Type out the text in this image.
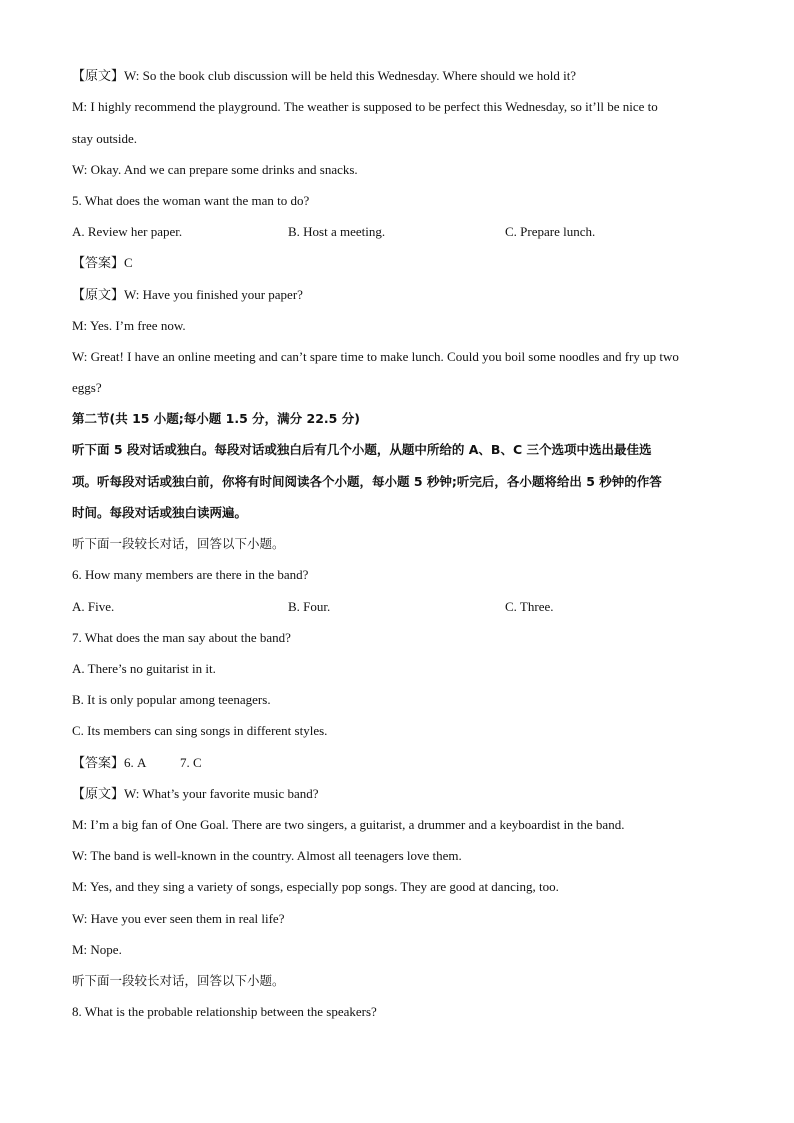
【原文】W: So the book club discussion will be held this Wednesday. Where should we hold it?
M: I highly recommend the playground. The weather is supposed to be perfect this Wednesday, so it’ll be nice to
stay outside.
W: Okay. And we can prepare some drinks and snacks.
5. What does the woman want the man to do?
A. Review her paper.	B. Host a meeting.	C. Prepare lunch.
【答案】C
【原文】W: Have you finished your paper?
M: Yes. I’m free now.
W: Great! I have an online meeting and can’t spare time to make lunch. Could you boil some noodles and fry up two
eggs?
第二节(共 15 小题;每小题 1.5 分，满分 22.5 分)
听下面 5 段对话或独白。每段对话或独白后有几个小题，从题中所给的 A、B、C 三个选项中选出最佳选
项。听每段对话或独白前，你将有时间阅读各个小题，每小题 5 秒钟;听完后，各小题将给出 5 秒钟的作答
时间。每段对话或独白读两遍。
听下面一段较长对话，回答以下小题。
6. How many members are there in the band?
A. Five.	B. Four.	C. Three.
7. What does the man say about the band?
A. There’s no guitarist in it.
B. It is only popular among teenagers.
C. Its members can sing songs in different styles.
【答案】6. A	7. C
【原文】W: What’s your favorite music band?
M: I’m a big fan of One Goal. There are two singers, a guitarist, a drummer and a keyboardist in the band.
W: The band is well-known in the country. Almost all teenagers love them.
M: Yes, and they sing a variety of songs, especially pop songs. They are good at dancing, too.
W: Have you ever seen them in real life?
M: Nope.
听下面一段较长对话，回答以下小题。
8. What is the probable relationship between the speakers?
